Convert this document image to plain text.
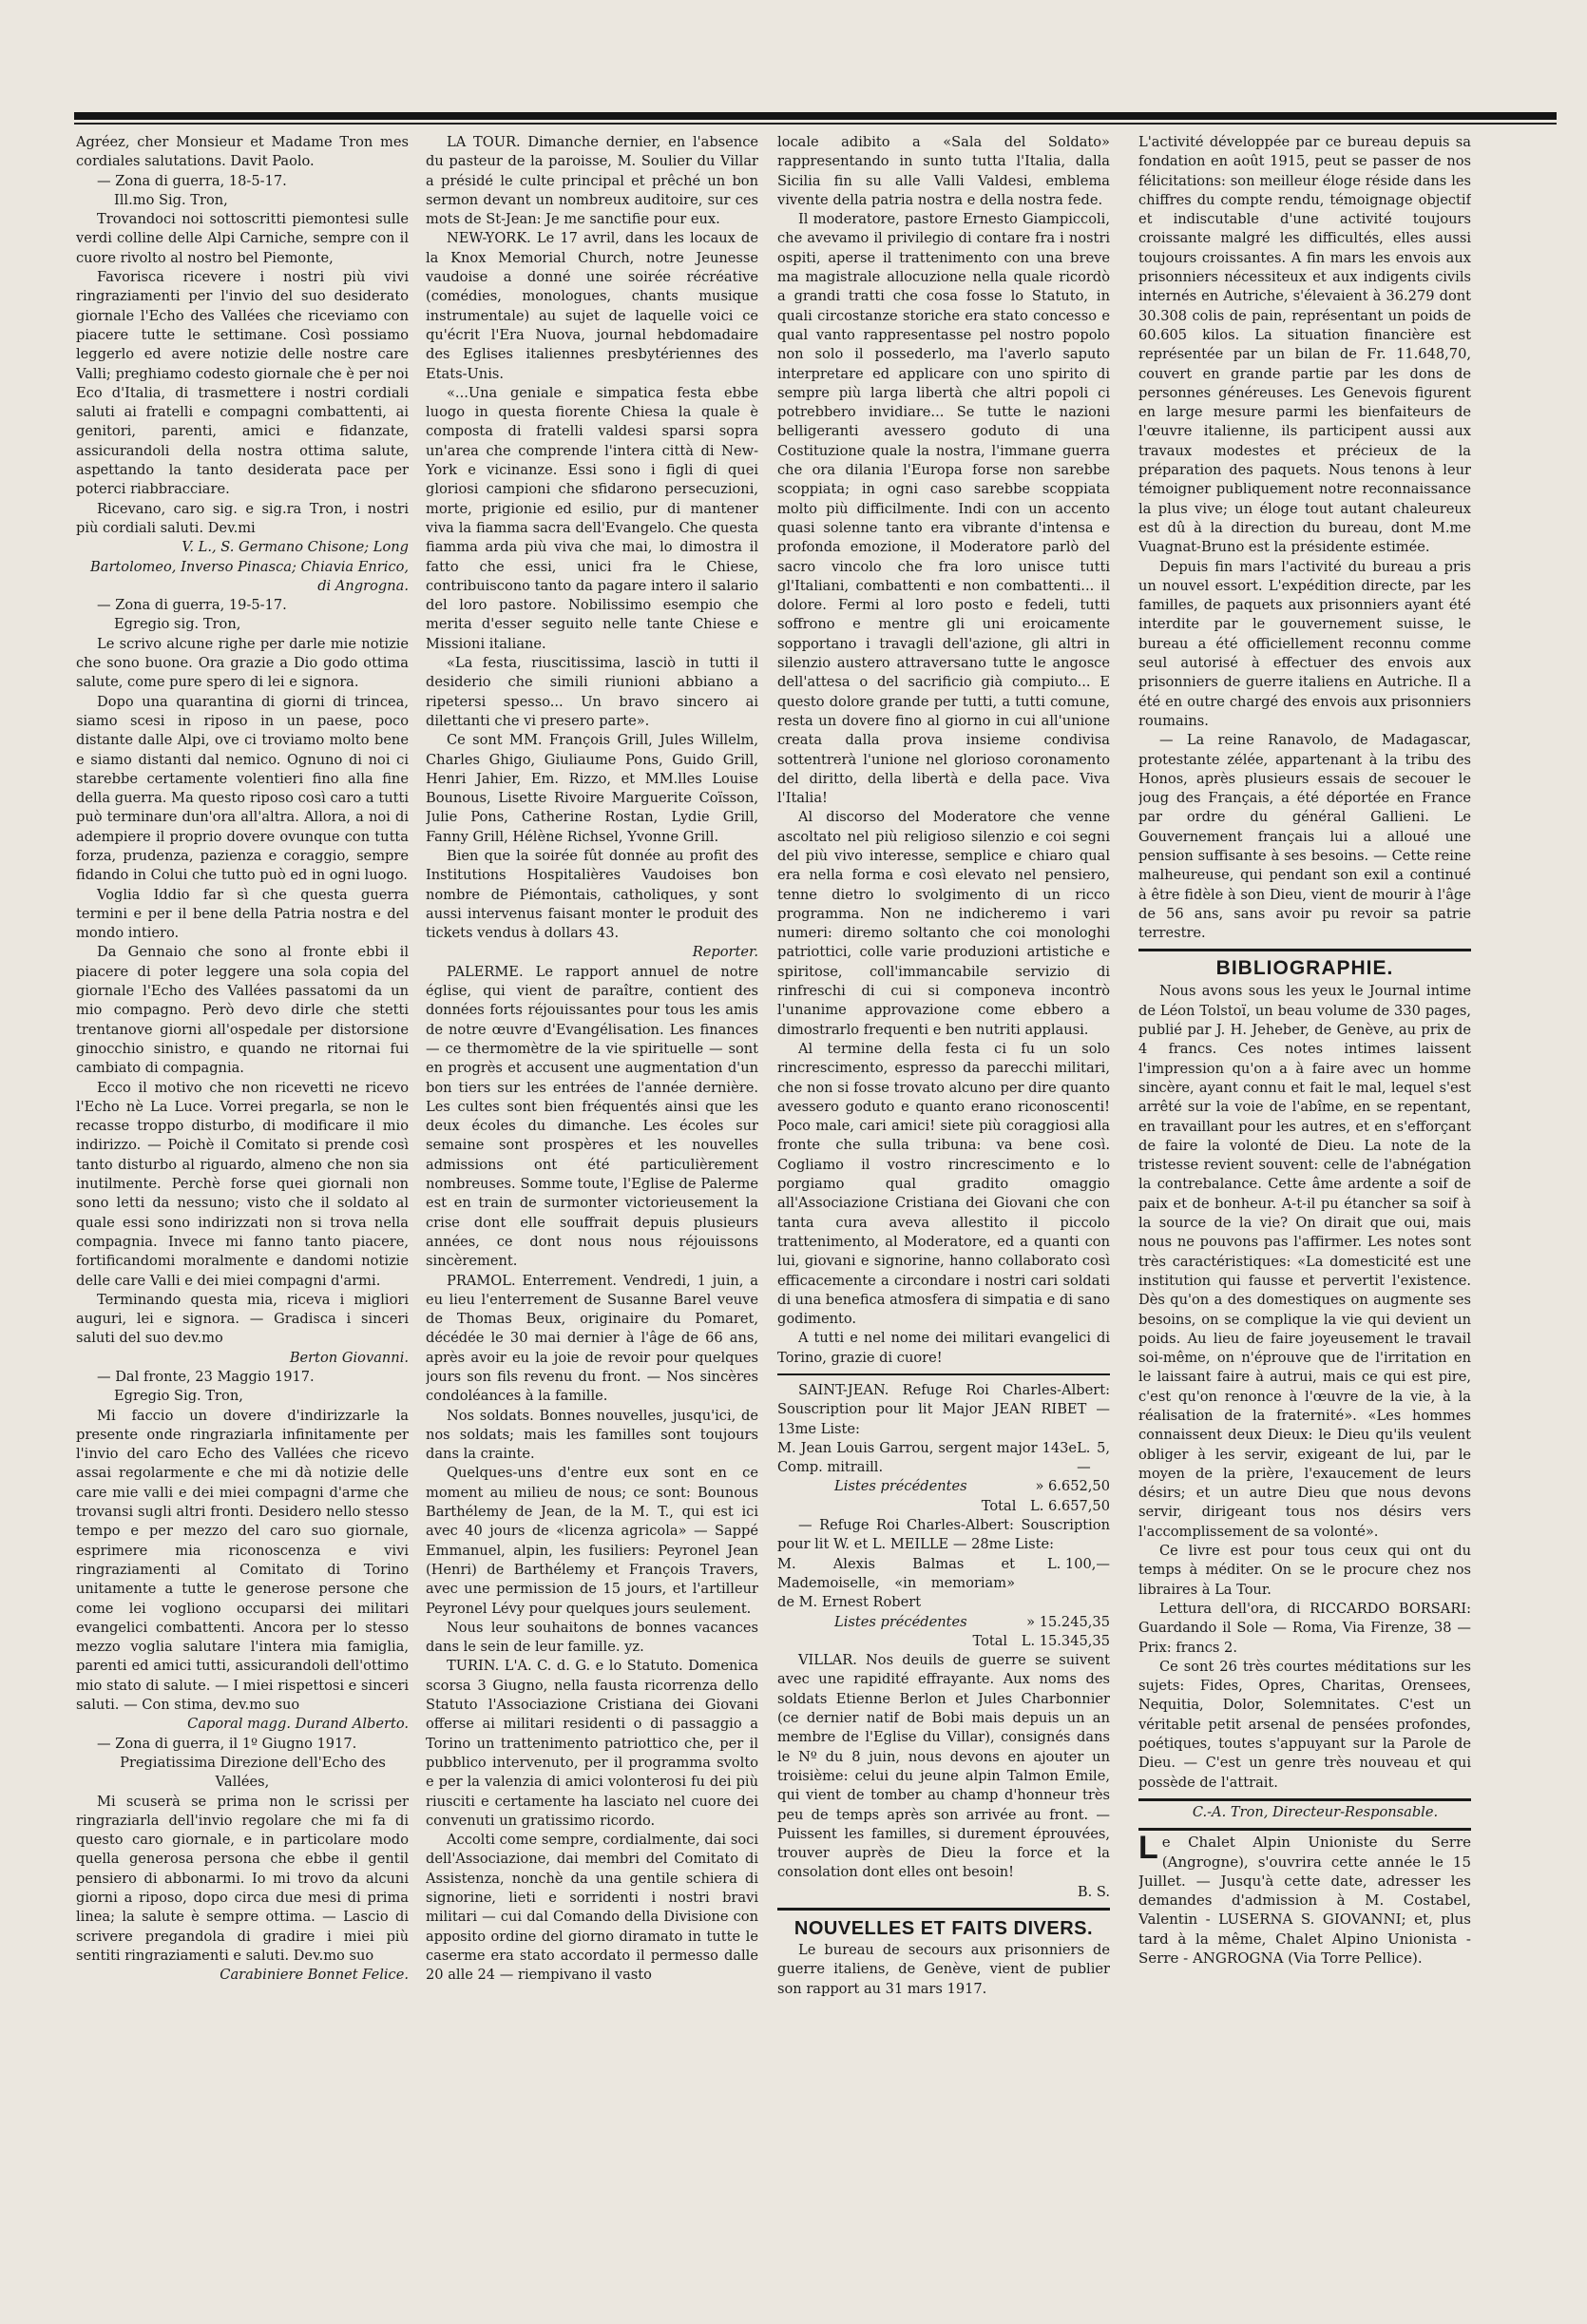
Agréez, cher Monsieur et Madame Tron mes cordiales salutations. Davit Paolo.

— Zona di guerra, 18-5-17.

Ill.mo Sig. Tron,

Trovandoci noi sottoscritti piemontesi sulle verdi colline delle Alpi Carniche, sempre con il cuore rivolto al nostro bel Piemonte,

Favorisca ricevere i nostri più vivi ringraziamenti per l'invio del suo desiderato giornale l'Echo des Vallées che riceviamo con piacere tutte le settimane. Così possiamo leggerlo ed avere notizie delle nostre care Valli; preghiamo codesto giornale che è per noi Eco d'Italia, di trasmettere i nostri cordiali saluti ai fratelli e compagni combattenti, ai genitori, parenti, amici e fidanzate, assicurandoli della nostra ottima salute, aspettando la tanto desiderata pace per poterci riabbracciare.

Ricevano, caro sig. e sig.ra Tron, i nostri più cordiali saluti. Dev.mi

V. L., S. Germano Chisone; Long Bartolomeo, Inverso Pinasca; Chiavia Enrico, di Angrogna.

— Zona di guerra, 19-5-17.

Egregio sig. Tron,

Le scrivo alcune righe per darle mie notizie che sono buone. Ora grazie a Dio godo ottima salute, come pure spero di lei e signora.

Dopo una quarantina di giorni di trincea, siamo scesi in riposo in un paese, poco distante dalle Alpi, ove ci troviamo molto bene e siamo distanti dal nemico. Ognuno di noi ci starebbe certamente volentieri fino alla fine della guerra. Ma questo riposo così caro a tutti può terminare dun'ora all'altra. Allora, a noi di adempiere il proprio dovere ovunque con tutta forza, prudenza, pazienza e coraggio, sempre fidando in Colui che tutto può ed in ogni luogo.

Voglia Iddio far sì che questa guerra termini e per il bene della Patria nostra e del mondo intiero.

Da Gennaio che sono al fronte ebbi il piacere di poter leggere una sola copia del giornale l'Echo des Vallées passatomi da un mio compagno. Però devo dirle che stetti trentanove giorni all'ospedale per distorsione ginocchio sinistro, e quando ne ritornai fui cambiato di compagnia.

Ecco il motivo che non ricevetti ne ricevo l'Echo nè La Luce. Vorrei pregarla, se non le recasse troppo disturbo, di modificare il mio indirizzo. — Poichè il Comitato si prende così tanto disturbo al riguardo, almeno che non sia inutilmente. Perchè forse quei giornali non sono letti da nessuno; visto che il soldato al quale essi sono indirizzati non si trova nella compagnia. Invece mi fanno tanto piacere, fortificandomi moralmente e dandomi notizie delle care Valli e dei miei compagni d'armi.

Terminando questa mia, riceva i migliori auguri, lei e signora. — Gradisca i sinceri saluti del suo dev.mo

Berton Giovanni.

— Dal fronte, 23 Maggio 1917.

Egregio Sig. Tron,

Mi faccio un dovere d'indirizzarle la presente onde ringraziarla infinitamente per l'invio del caro Echo des Vallées che ricevo assai regolarmente e che mi dà notizie delle care mie valli e dei miei compagni d'arme che trovansi sugli altri fronti. Desidero nello stesso tempo e per mezzo del caro suo giornale, esprimere mia riconoscenza e vivi ringraziamenti al Comitato di Torino unitamente a tutte le generose persone che come lei vogliono occuparsi dei militari evangelici combattenti. Ancora per lo stesso mezzo voglia salutare l'intera mia famiglia, parenti ed amici tutti, assicurandoli dell'ottimo mio stato di salute. — I miei rispettosi e sinceri saluti. — Con stima, dev.mo suo

Caporal magg. Durand Alberto.

— Zona di guerra, il 1º Giugno 1917.

Pregiatissima Direzione dell'Echo des Vallées,

Mi scuserà se prima non le scrissi per ringraziarla dell'invio regolare che mi fa di questo caro giornale, e in particolare modo quella generosa persona che ebbe il gentil pensiero di abbonarmi. Io mi trovo da alcuni giorni a riposo, dopo circa due mesi di prima linea; la salute è sempre ottima. — Lascio di scrivere pregandola di gradire i miei più sentiti ringraziamenti e saluti. Dev.mo suo

Carabiniere Bonnet Felice.

LA TOUR. Dimanche dernier, en l'absence du pasteur de la paroisse, M. Soulier du Villar a présidé le culte principal et prêché un bon sermon devant un nombreux auditoire, sur ces mots de St-Jean: Je me sanctifie pour eux.

NEW-YORK. Le 17 avril, dans les locaux de la Knox Memorial Church, notre Jeunesse vaudoise a donné une soirée récréative (comédies, monologues, chants musique instrumentale) au sujet de laquelle voici ce qu'écrit l'Era Nuova, journal hebdomadaire des Eglises italiennes presbytériennes des Etats-Unis.

«...Una geniale e simpatica festa ebbe luogo in questa fiorente Chiesa la quale è composta di fratelli valdesi sparsi sopra un'area che comprende l'intera città di New-York e vicinanze. Essi sono i figli di quei gloriosi campioni che sfidarono persecuzioni, morte, prigionie ed esilio, pur di mantener viva la fiamma sacra dell'Evangelo. Che questa fiamma arda più viva che mai, lo dimostra il fatto che essi, unici fra le Chiese, contribuiscono tanto da pagare intero il salario del loro pastore. Nobilissimo esempio che merita d'esser seguito nelle tante Chiese e Missioni italiane.

«La festa, riuscitissima, lasciò in tutti il desiderio che simili riunioni abbiano a ripetersi spesso... Un bravo sincero ai dilettanti che vi presero parte».

Ce sont MM. François Grill, Jules Willelm, Charles Ghigo, Giuliaume Pons, Guido Grill, Henri Jahier, Em. Rizzo, et MM.lles Louise Bounous, Lisette Rivoire Marguerite Coïsson, Julie Pons, Catherine Rostan, Lydie Grill, Fanny Grill, Hélène Richsel, Yvonne Grill.

Bien que la soirée fût donnée au profit des Institutions Hospitalières Vaudoises bon nombre de Piémontais, catholiques, y sont aussi intervenus faisant monter le produit des tickets vendus à dollars 43.

Reporter.

PALERME. Le rapport annuel de notre église, qui vient de paraître, contient des données forts réjouissantes pour tous les amis de notre œuvre d'Evangélisation. Les finances — ce thermomètre de la vie spirituelle — sont en progrès et accusent une augmentation d'un bon tiers sur les entrées de l'année dernière. Les cultes sont bien fréquentés ainsi que les deux écoles du dimanche. Les écoles sur semaine sont prospères et les nouvelles admissions ont été particulièrement nombreuses. Somme toute, l'Eglise de Palerme est en train de surmonter victorieusement la crise dont elle souffrait depuis plusieurs années, ce dont nous nous réjouissons sincèrement.

PRAMOL. Enterrement. Vendredi, 1 juin, a eu lieu l'enterrement de Susanne Barel veuve de Thomas Beux, originaire du Pomaret, décédée le 30 mai dernier à l'âge de 66 ans, après avoir eu la joie de revoir pour quelques jours son fils revenu du front. — Nos sincères condoléances à la famille.

Nos soldats. Bonnes nouvelles, jusqu'ici, de nos soldats; mais les familles sont toujours dans la crainte.

Quelques-uns d'entre eux sont en ce moment au milieu de nous; ce sont: Bounous Barthélemy de Jean, de la M. T., qui est ici avec 40 jours de «licenza agricola» — Sappé Emmanuel, alpin, les fusiliers: Peyronel Jean (Henri) de Barthélemy et François Travers, avec une permission de 15 jours, et l'artilleur Peyronel Lévy pour quelques jours seulement.

Nous leur souhaitons de bonnes vacances dans le sein de leur famille. yz.

TURIN. L'A. C. d. G. e lo Statuto. Domenica scorsa 3 Giugno, nella fausta ricorrenza dello Statuto l'Associazione Cristiana dei Giovani offerse ai militari residenti o di passaggio a Torino un trattenimento patriottico che, per il pubblico intervenuto, per il programma svolto e per la valenzia di amici volonterosi fu dei più riusciti e certamente ha lasciato nel cuore dei convenuti un gratissimo ricordo.

Accolti come sempre, cordialmente, dai soci dell'Associazione, dai membri del Comitato di Assistenza, nonchè da una gentile schiera di signorine, lieti e sorridenti i nostri bravi militari — cui dal Comando della Divisione con apposito ordine del giorno diramato in tutte le caserme era stato accordato il permesso dalle 20 alle 24 — riempivano il vasto

locale adibito a «Sala del Soldato» rappresentando in sunto tutta l'Italia, dalla Sicilia fin su alle Valli Valdesi, emblema vivente della patria nostra e della nostra fede.

Il moderatore, pastore Ernesto Giampiccoli, che avevamo il privilegio di contare fra i nostri ospiti, aperse il trattenimento con una breve ma magistrale allocuzione nella quale ricordò a grandi tratti che cosa fosse lo Statuto, in quali circostanze storiche era stato concesso e qual vanto rappresentasse pel nostro popolo non solo il possederlo, ma l'averlo saputo interpretare ed applicare con uno spirito di sempre più larga libertà che altri popoli ci potrebbero invidiare... Se tutte le nazioni belligeranti avessero goduto di una Costituzione quale la nostra, l'immane guerra che ora dilania l'Europa forse non sarebbe scoppiata; in ogni caso sarebbe scoppiata molto più difficilmente. Indi con un accento quasi solenne tanto era vibrante d'intensa e profonda emozione, il Moderatore parlò del sacro vincolo che fra loro unisce tutti gl'Italiani, combattenti e non combattenti... il dolore. Fermi al loro posto e fedeli, tutti soffrono e mentre gli uni eroicamente sopportano i travagli dell'azione, gli altri in silenzio austero attraversano tutte le angosce dell'attesa o del sacrificio già compiuto... E questo dolore grande per tutti, a tutti comune, resta un dovere fino al giorno in cui all'unione creata dalla prova insieme condivisa sottentrerà l'unione nel glorioso coronamento del diritto, della libertà e della pace. Viva l'Italia!

Al discorso del Moderatore che venne ascoltato nel più religioso silenzio e coi segni del più vivo interesse, semplice e chiaro qual era nella forma e così elevato nel pensiero, tenne dietro lo svolgimento di un ricco programma. Non ne indicheremo i vari numeri: diremo soltanto che coi monologhi patriottici, colle varie produzioni artistiche e spiritose, coll'immancabile servizio di rinfreschi di cui si componeva incontrò l'unanime approvazione come ebbero a dimostrarlo frequenti e ben nutriti applausi.

Al termine della festa ci fu un solo rincrescimento, espresso da parecchi militari, che non si fosse trovato alcuno per dire quanto avessero goduto e quanto erano riconoscenti! Poco male, cari amici! siete più coraggiosi alla fronte che sulla tribuna: va bene così. Cogliamo il vostro rincrescimento e lo porgiamo qual gradito omaggio all'Associazione Cristiana dei Giovani che con tanta cura aveva allestito il piccolo trattenimento, al Moderatore, ed a quanti con lui, giovani e signorine, hanno collaborato così efficacemente a circondare i nostri cari soldati di una benefica atmosfera di simpatia e di sano godimento.

A tutti e nel nome dei militari evangelici di Torino, grazie di cuore!

SAINT-JEAN. Refuge Roi Charles-Albert: Souscription pour lit Major JEAN RIBET — 13me Liste:

M. Jean Louis Garrou, sergent major 143e Comp. mitraill.
L. 5,—
Listes précédentes	» 6.652,50
Total L. 6.657,50

— Refuge Roi Charles-Albert: Souscription pour lit W. et L. MEILLE — 28me Liste:

M. Alexis Balmas et Mademoiselle, «in memoriam» de M. Ernest Robert
L. 100,—
Listes précédentes	» 15.245,35
Total L. 15.345,35

VILLAR. Nos deuils de guerre se suivent avec une rapidité effrayante. Aux noms des soldats Etienne Berlon et Jules Charbonnier (ce dernier natif de Bobi mais depuis un an membre de l'Eglise du Villar), consignés dans le Nº du 8 juin, nous devons en ajouter un troisième: celui du jeune alpin Talmon Emile, qui vient de tomber au champ d'honneur très peu de temps après son arrivée au front. — Puissent les familles, si durement éprouvées, trouver auprès de Dieu la force et la consolation dont elles ont besoin!

B. S.

NOUVELLES ET FAITS DIVERS.

Le bureau de secours aux prisonniers de guerre italiens, de Genève, vient de publier son rapport au 31 mars 1917.

L'activité développée par ce bureau depuis sa fondation en août 1915, peut se passer de nos félicitations: son meilleur éloge réside dans les chiffres du compte rendu, témoignage objectif et indiscutable d'une activité toujours croissante malgré les difficultés, elles aussi toujours croissantes. A fin mars les envois aux prisonniers nécessiteux et aux indigents civils internés en Autriche, s'élevaient à 36.279 dont 30.308 colis de pain, représentant un poids de 60.605 kilos. La situation financière est représentée par un bilan de Fr. 11.648,70, couvert en grande partie par les dons de personnes généreuses. Les Genevois figurent en large mesure parmi les bienfaiteurs de l'œuvre italienne, ils participent aussi aux travaux modestes et précieux de la préparation des paquets. Nous tenons à leur témoigner publiquement notre reconnaissance la plus vive; un éloge tout autant chaleureux est dû à la direction du bureau, dont M.me Vuagnat-Bruno est la présidente estimée.

Depuis fin mars l'activité du bureau a pris un nouvel essort. L'expédition directe, par les familles, de paquets aux prisonniers ayant été interdite par le gouvernement suisse, le bureau a été officiellement reconnu comme seul autorisé à effectuer des envois aux prisonniers de guerre italiens en Autriche. Il a été en outre chargé des envois aux prisonniers roumains.

— La reine Ranavolo, de Madagascar, protestante zélée, appartenant à la tribu des Honos, après plusieurs essais de secouer le joug des Français, a été déportée en France par ordre du général Gallieni. Le Gouvernement français lui a alloué une pension suffisante à ses besoins. — Cette reine malheureuse, qui pendant son exil a continué à être fidèle à son Dieu, vient de mourir à l'âge de 56 ans, sans avoir pu revoir sa patrie terrestre.

BIBLIOGRAPHIE.

Nous avons sous les yeux le Journal intime de Léon Tolstoï, un beau volume de 330 pages, publié par J. H. Jeheber, de Genève, au prix de 4 francs. Ces notes intimes laissent l'impression qu'on a à faire avec un homme sincère, ayant connu et fait le mal, lequel s'est arrêté sur la voie de l'abîme, en se repentant, en travaillant pour les autres, et en s'efforçant de faire la volonté de Dieu. La note de la tristesse revient souvent: celle de l'abnégation la contrebalance. Cette âme ardente a soif de paix et de bonheur. A-t-il pu étancher sa soif à la source de la vie? On dirait que oui, mais nous ne pouvons pas l'affirmer. Les notes sont très caractéristiques: «La domesticité est une institution qui fausse et pervertit l'existence. Dès qu'on a des domestiques on augmente ses besoins, on se complique la vie qui devient un poids. Au lieu de faire joyeusement le travail soi-même, on n'éprouve que de l'irritation en le laissant faire à autrui, mais ce qui est pire, c'est qu'on renonce à l'œuvre de la vie, à la réalisation de la fraternité». «Les hommes connaissent deux Dieux: le Dieu qu'ils veulent obliger à les servir, exigeant de lui, par le moyen de la prière, l'exaucement de leurs désirs; et un autre Dieu que nous devons servir, dirigeant tous nos désirs vers l'accomplissement de sa volonté».

Ce livre est pour tous ceux qui ont du temps à méditer. On se le procure chez nos libraires à La Tour.

Lettura dell'ora, di RICCARDO BORSARI: Guardando il Sole — Roma, Via Firenze, 38 — Prix: francs 2.

Ce sont 26 très courtes méditations sur les sujets: Fides, Opres, Charitas, Orensees, Nequitia, Dolor, Solemnitates. C'est un véritable petit arsenal de pensées profondes, poétiques, toutes s'appuyant sur la Parole de Dieu. — C'est un genre très nouveau et qui possède de l'attrait.

C.-A. Tron, Directeur-Responsable.

L e Chalet Alpin Unioniste du Serre (Angrogne), s'ouvrira cette année le 15 Juillet. — Jusqu'à cette date, adresser les demandes d'admission à M. Costabel, Valentin - LUSERNA S. GIOVANNI; et, plus tard à la même, Chalet Alpino Unionista - Serre - ANGROGNA (Via Torre Pellice).
